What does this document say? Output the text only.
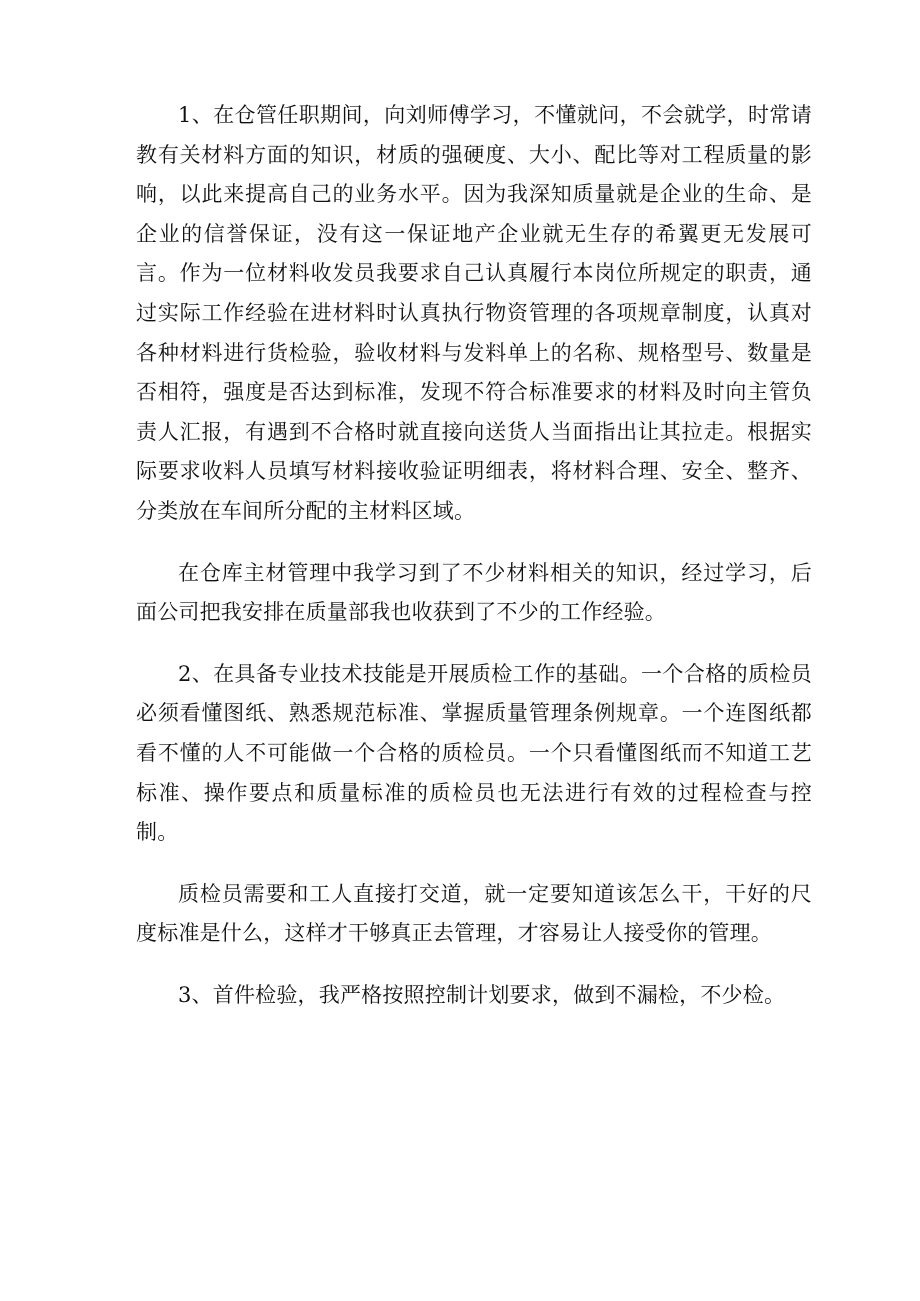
1、在仓管任职期间，向刘师傅学习，不懂就问，不会就学，时常请教有关材料方面的知识，材质的强硬度、大小、配比等对工程质量的影响，以此来提高自己的业务水平。因为我深知质量就是企业的生命、是企业的信誉保证，没有这一保证地产企业就无生存的希翼更无发展可言。作为一位材料收发员我要求自己认真履行本岗位所规定的职责，通过实际工作经验在进材料时认真执行物资管理的各项规章制度，认真对各种材料进行货检验，验收材料与发料单上的名称、规格型号、数量是否相符，强度是否达到标准，发现不符合标准要求的材料及时向主管负责人汇报，有遇到不合格时就直接向送货人当面指出让其拉走。根据实际要求收料人员填写材料接收验证明细表，将材料合理、安全、整齐、分类放在车间所分配的主材料区域。

在仓库主材管理中我学习到了不少材料相关的知识，经过学习，后面公司把我安排在质量部我也收获到了不少的工作经验。

2、在具备专业技术技能是开展质检工作的基础。一个合格的质检员必须看懂图纸、熟悉规范标准、掌握质量管理条例规章。一个连图纸都看不懂的人不可能做一个合格的质检员。一个只看懂图纸而不知道工艺标准、操作要点和质量标准的质检员也无法进行有效的过程检查与控制。

质检员需要和工人直接打交道，就一定要知道该怎么干，干好的尺度标准是什么，这样才干够真正去管理，才容易让人接受你的管理。

3、首件检验，我严格按照控制计划要求，做到不漏检，不少检。
